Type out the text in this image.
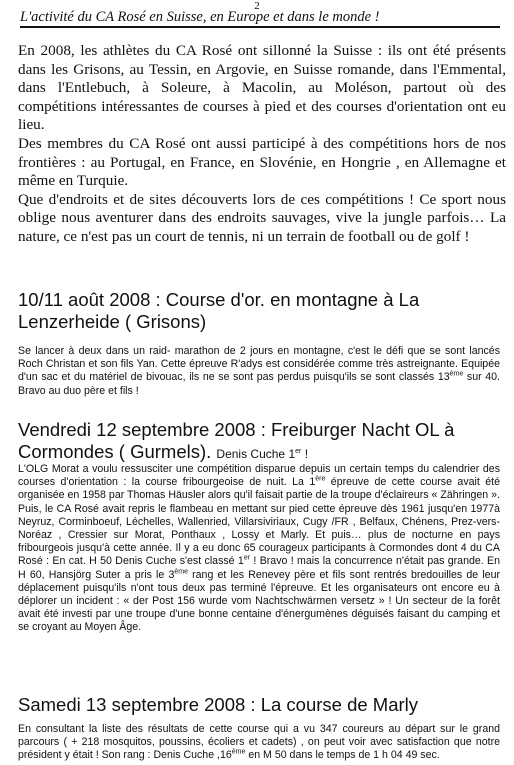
2
L'activité du CA Rosé en Suisse, en Europe et dans le monde !

En 2008, les athlètes du CA Rosé ont sillonné la Suisse : ils ont été présents dans les Grisons, au Tessin, en Argovie, en Suisse romande, dans l'Emmental, dans l'Entlebuch, à Soleure, à Macolin, au Moléson, partout où des compétitions intéressantes de courses à pied et des courses d'orientation ont eu lieu.

Des membres du CA Rosé ont aussi participé à des compétitions hors de nos frontières : au Portugal, en France, en Slovénie, en Hongrie , en Allemagne et même en Turquie.

Que d'endroits et de sites découverts lors de ces compétitions ! Ce sport nous oblige nous aventurer dans des endroits sauvages, vive la jungle parfois… La nature, ce n'est pas un court de tennis, ni un terrain de football ou de golf !

10/11 août 2008 : Course d'or. en montagne à La Lenzerheide ( Grisons)

Se lancer à deux dans un raid- marathon de 2 jours en montagne, c'est le défi que se sont lancés Roch Christan et son fils Yan. Cette épreuve R'adys est considérée comme très astreignante. Equipée d'un sac et du matériel de bivouac, ils ne se sont pas perdus puisqu'ils se sont classés 13ème sur 40. Bravo au duo père et fils !

Vendredi 12 septembre 2008 : Freiburger Nacht OL à Cormondes ( Gurmels). Denis Cuche 1er !

L'OLG Morat a voulu ressusciter une compétition disparue depuis un certain temps du calendrier des courses d'orientation : la course fribourgeoise de nuit. La 1ère épreuve de cette course avait été organisée en 1958 par Thomas Häusler alors qu'il faisait partie de la troupe d'éclaireurs « Zähringen ». Puis, le CA Rosé avait repris le flambeau en mettant sur pied cette épreuve dès 1961 jusqu'en 1977à Neyruz, Corminboeuf, Léchelles, Wallenried, Villarsiviriaux, Cugy /FR , Belfaux, Chénens, Prez-vers-Noréaz , Cressier sur Morat, Ponthaux , Lossy et Marly. Et puis… plus de nocturne en pays fribourgeois jusqu'à cette année. Il y a eu donc 65 courageux participants à Cormondes dont 4 du CA Rosé : En cat. H 50 Denis Cuche s'est classé 1er ! Bravo ! mais la concurrence n'était pas grande. En H 60, Hansjörg Suter a pris le 3ème rang et les Renevey père et fils sont rentrés bredouilles de leur déplacement puisqu'ils n'ont tous deux pas terminé l'épreuve. Et les organisateurs ont encore eu à déplorer un incident : « der Post 156 wurde vom Nachtschwärmen versetz » ! Un secteur de la forêt avait été investi par une troupe d'une bonne centaine d'énergumènes déguisés faisant du camping et se croyant au Moyen Âge.

Samedi 13 septembre 2008 : La course de Marly

En consultant la liste des résultats de cette course qui a vu 347 coureurs au départ sur le grand parcours ( + 218 mosquitos, poussins, écoliers et cadets) , on peut voir avec satisfaction que notre président y était ! Son rang : Denis Cuche ,16ème en M 50 dans le temps de 1 h 04 49 sec.
